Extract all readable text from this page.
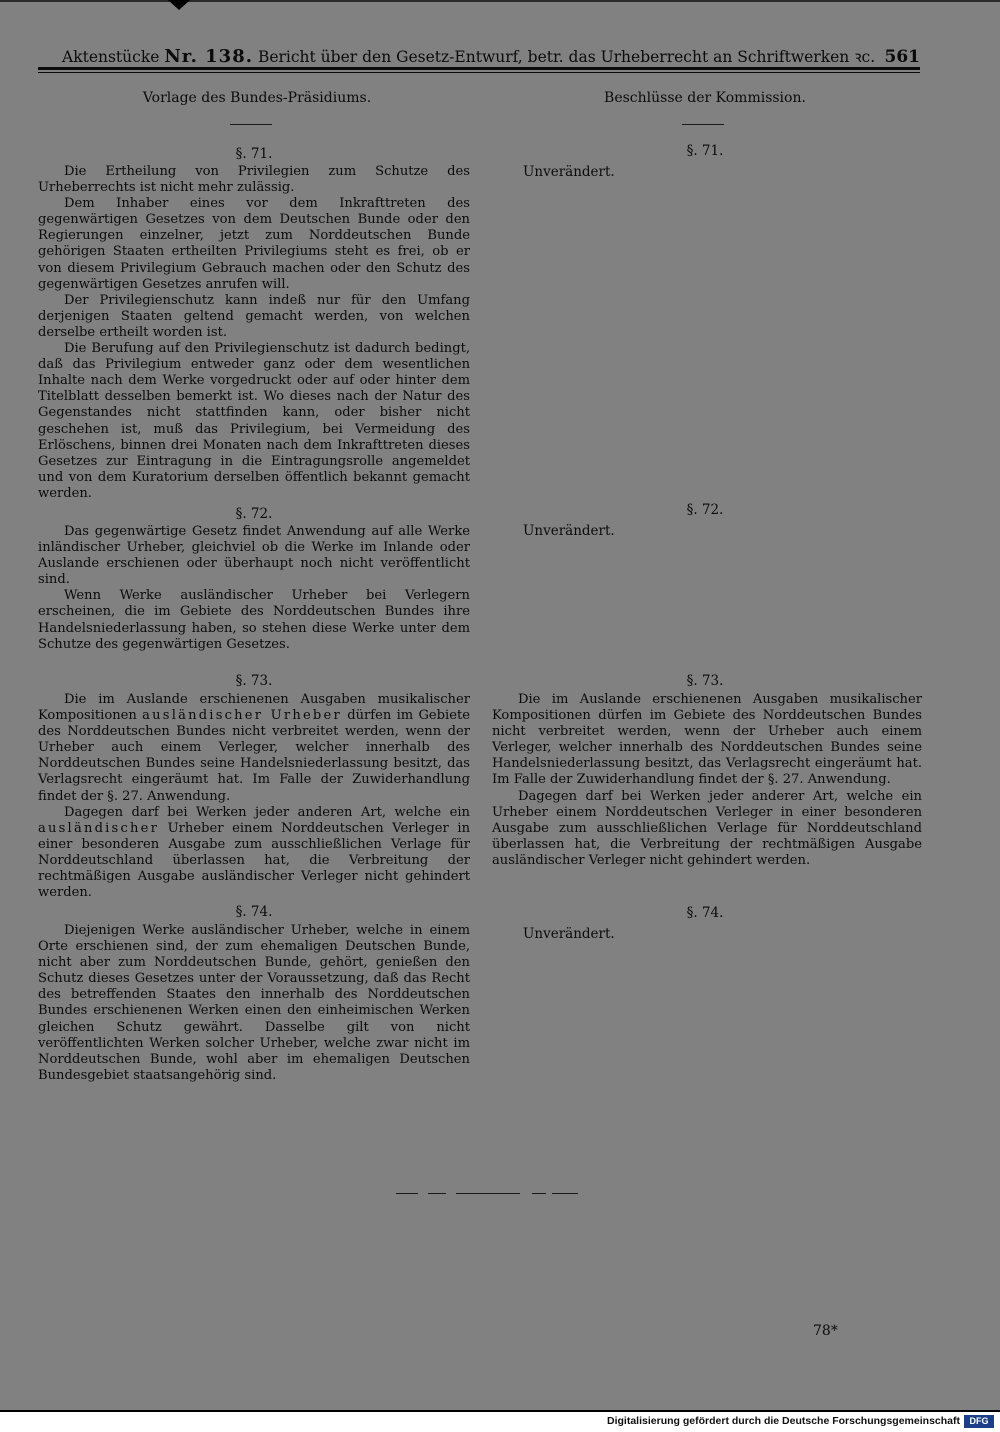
Aktenstücke Nr. 138. Bericht über den Gesetz-Entwurf, betr. das Urheberrecht an Schriftwerken ꝛc. 561
Vorlage des Bundes-Präsidiums.	Beschlüsse der Kommission.
§. 71.

Die Ertheilung von Privilegien zum Schutze des Urheberrechts ist nicht mehr zulässig.

Dem Inhaber eines vor dem Inkrafttreten des gegenwärtigen Gesetzes von dem Deutschen Bunde oder den Regierungen einzelner, jetzt zum Norddeutschen Bunde gehörigen Staaten ertheilten Privilegiums steht es frei, ob er von diesem Privilegium Gebrauch machen oder den Schutz des gegenwärtigen Gesetzes anrufen will.

Der Privilegienschutz kann indeß nur für den Umfang derjenigen Staaten geltend gemacht werden, von welchen derselbe ertheilt worden ist.

Die Berufung auf den Privilegienschutz ist dadurch bedingt, daß das Privilegium entweder ganz oder dem wesentlichen Inhalte nach dem Werke vorgedruckt oder auf oder hinter dem Titelblatt desselben bemerkt ist. Wo dieses nach der Natur des Gegenstandes nicht stattfinden kann, oder bisher nicht geschehen ist, muß das Privilegium, bei Vermeidung des Erlöschens, binnen drei Monaten nach dem Inkrafttreten dieses Gesetzes zur Eintragung in die Eintragungsrolle angemeldet und von dem Kuratorium derselben öffentlich bekannt gemacht werden.

§. 72.

Das gegenwärtige Gesetz findet Anwendung auf alle Werke inländischer Urheber, gleichviel ob die Werke im Inlande oder Auslande erschienen oder überhaupt noch nicht veröffentlicht sind.

Wenn Werke ausländischer Urheber bei Verlegern erscheinen, die im Gebiete des Norddeutschen Bundes ihre Handelsniederlassung haben, so stehen diese Werke unter dem Schutze des gegenwärtigen Gesetzes.

§. 73.

Die im Auslande erschienenen Ausgaben musikalischer Kompositionen ausländischer Urheber dürfen im Gebiete des Norddeutschen Bundes nicht verbreitet werden, wenn der Urheber auch einem Verleger, welcher innerhalb des Norddeutschen Bundes seine Handelsniederlassung besitzt, das Verlagsrecht eingeräumt hat. Im Falle der Zuwiderhandlung findet der §. 27. Anwendung.

Dagegen darf bei Werken jeder anderen Art, welche ein ausländischer Urheber einem Norddeutschen Verleger in einer besonderen Ausgabe zum ausschließlichen Verlage für Norddeutschland überlassen hat, die Verbreitung der rechtmäßigen Ausgabe ausländischer Verleger nicht gehindert werden.

§. 74.

Diejenigen Werke ausländischer Urheber, welche in einem Orte erschienen sind, der zum ehemaligen Deutschen Bunde, nicht aber zum Norddeutschen Bunde, gehört, genießen den Schutz dieses Gesetzes unter der Voraussetzung, daß das Recht des betreffenden Staates den innerhalb des Norddeutschen Bundes erschienenen Werken einen den einheimischen Werken gleichen Schutz gewährt. Dasselbe gilt von nicht veröffentlichten Werken solcher Urheber, welche zwar nicht im Norddeutschen Bunde, wohl aber im ehemaligen Deutschen Bundesgebiet staatsangehörig sind.

§. 71.
Unverändert.
§. 72.
Unverändert.
§. 73.

Die im Auslande erschienenen Ausgaben musikalischer Kompositionen dürfen im Gebiete des Norddeutschen Bundes nicht verbreitet werden, wenn der Urheber auch einem Verleger, welcher innerhalb des Norddeutschen Bundes seine Handelsniederlassung besitzt, das Verlagsrecht eingeräumt hat. Im Falle der Zuwiderhandlung findet der §. 27. Anwendung.

Dagegen darf bei Werken jeder anderer Art, welche ein Urheber einem Norddeutschen Verleger in einer besonderen Ausgabe zum ausschließlichen Verlage für Norddeutschland überlassen hat, die Verbreitung der rechtmäßigen Ausgabe ausländischer Verleger nicht gehindert werden.

§. 74.
Unverändert.
78*
Digitalisierung gefördert durch die Deutsche Forschungsgemeinschaft	DFG
